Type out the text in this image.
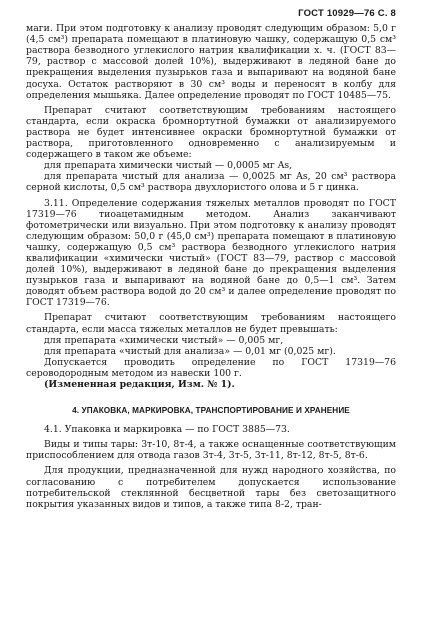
ГОСТ 10929—76 С. 8

маги. При этом подготовку к анализу проводят следующим образом: 5,0 г (4,5 см³) препарата помещают в платиновую чашку, содержащую 0,5 см³ раствора безводного углекислого натрия квалификации х. ч. (ГОСТ 83—79, раствор с массовой долей 10%), выдерживают в ледяной бане до прекращения выделения пузырьков газа и выпаривают на водяной бане досуха. Остаток растворяют в 30 см³ воды и переносят в колбу для определения мышьяка. Далее определение проводят по ГОСТ 10485—75.

Препарат считают соответствующим требованиям настоящего стандарта, если окраска бромнортутной бумажки от анализируемого раствора не будет интенсивнее окраски бромнортутной бумажки от раствора, приготовленного одновременно с анализируемым и содержащего в таком же объеме:

для препарата химически чистый — 0,0005 мг As,

для препарата чистый для анализа — 0,0025 мг As, 20 см³ раствора серной кислоты, 0,5 см³ раствора двухлористого олова и 5 г цинка.

3.11. Определение содержания тяжелых металлов проводят по ГОСТ 17319—76 тиоацетамидным методом. Анализ заканчивают фотометрически или визуально. При этом подготовку к анализу проводят следующим образом: 50,0 г (45,0 см³) препарата помещают в платиновую чашку, содержащую 0,5 см³ раствора безводного углекислого натрия квалификации «химически чистый» (ГОСТ 83—79, раствор с массовой долей 10%), выдерживают в ледяной бане до прекращения выделения пузырьков газа и выпаривают на водяной бане до 0,5—1 см³. Затем доводят объем раствора водой до 20 см³ и далее определение проводят по ГОСТ 17319—76.

Препарат считают соответствующим требованиям настоящего стандарта, если масса тяжелых металлов не будет превышать:

для препарата «химически чистый» — 0,005 мг,

для препарата «чистый для анализа» — 0,01 мг (0,025 мг).

Допускается проводить определение по ГОСТ 17319—76 сероводородным методом из навески 100 г.

(Измененная редакция, Изм. № 1).

4. УПАКОВКА, МАРКИРОВКА, ТРАНСПОРТИРОВАНИЕ И ХРАНЕНИЕ

4.1. Упаковка и маркировка — по ГОСТ 3885—73.

Виды и типы тары: 3т-10, 8т-4, а также оснащенные соответствующим приспособлением для отвода газов 3т-4, 3т-5, 3т-11, 8т-12, 8т-5, 8т-6.

Для продукции, предназначенной для нужд народного хозяйства, по согласованию с потребителем допускается использование потребительской стеклянной бесцветной тары без светозащитного покрытия указанных видов и типов, а также типа 8-2, тран-
